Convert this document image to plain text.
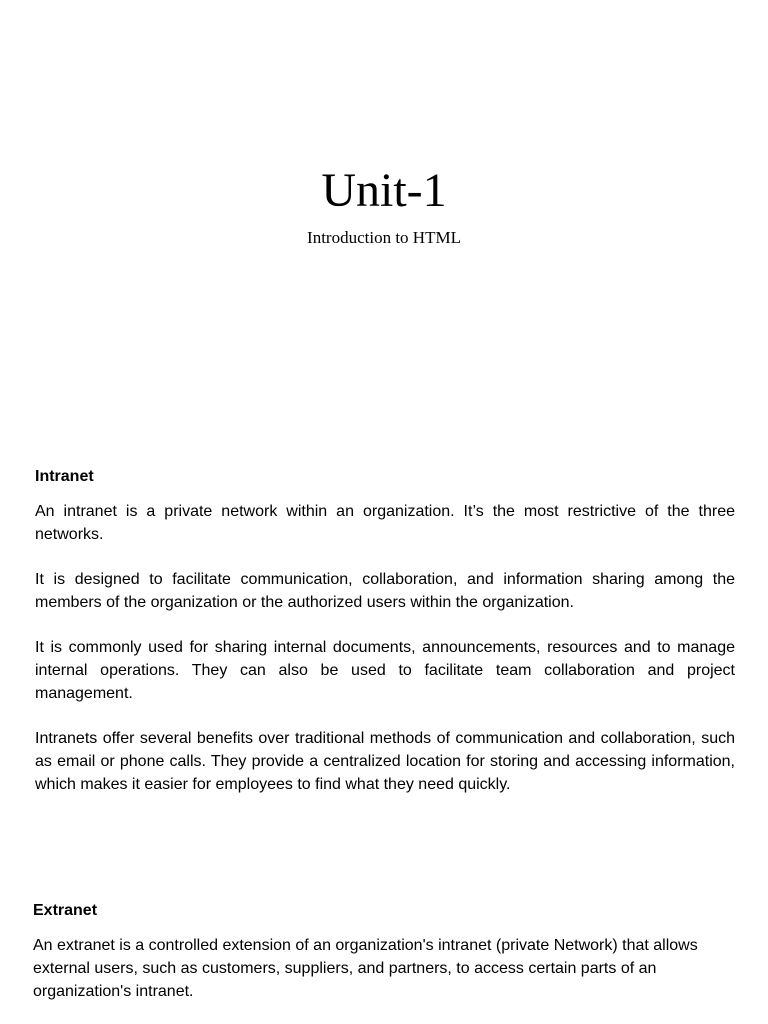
Unit-1

Introduction to HTML

Intranet

An intranet is a private network within an organization. It’s the most restrictive of the three networks.

It is designed to facilitate communication, collaboration, and information sharing among the members of the organization or the authorized users within the organization.

It is commonly used for sharing internal documents, announcements, resources and to manage internal operations. They can also be used to facilitate team collaboration and project management.

Intranets offer several benefits over traditional methods of communication and collaboration, such as email or phone calls. They provide a centralized location for storing and accessing information, which makes it easier for employees to find what they need quickly.

Extranet

An extranet is a controlled extension of an organization's intranet (private Network) that allows external users, such as customers, suppliers, and partners, to access certain parts of an organization's intranet.
